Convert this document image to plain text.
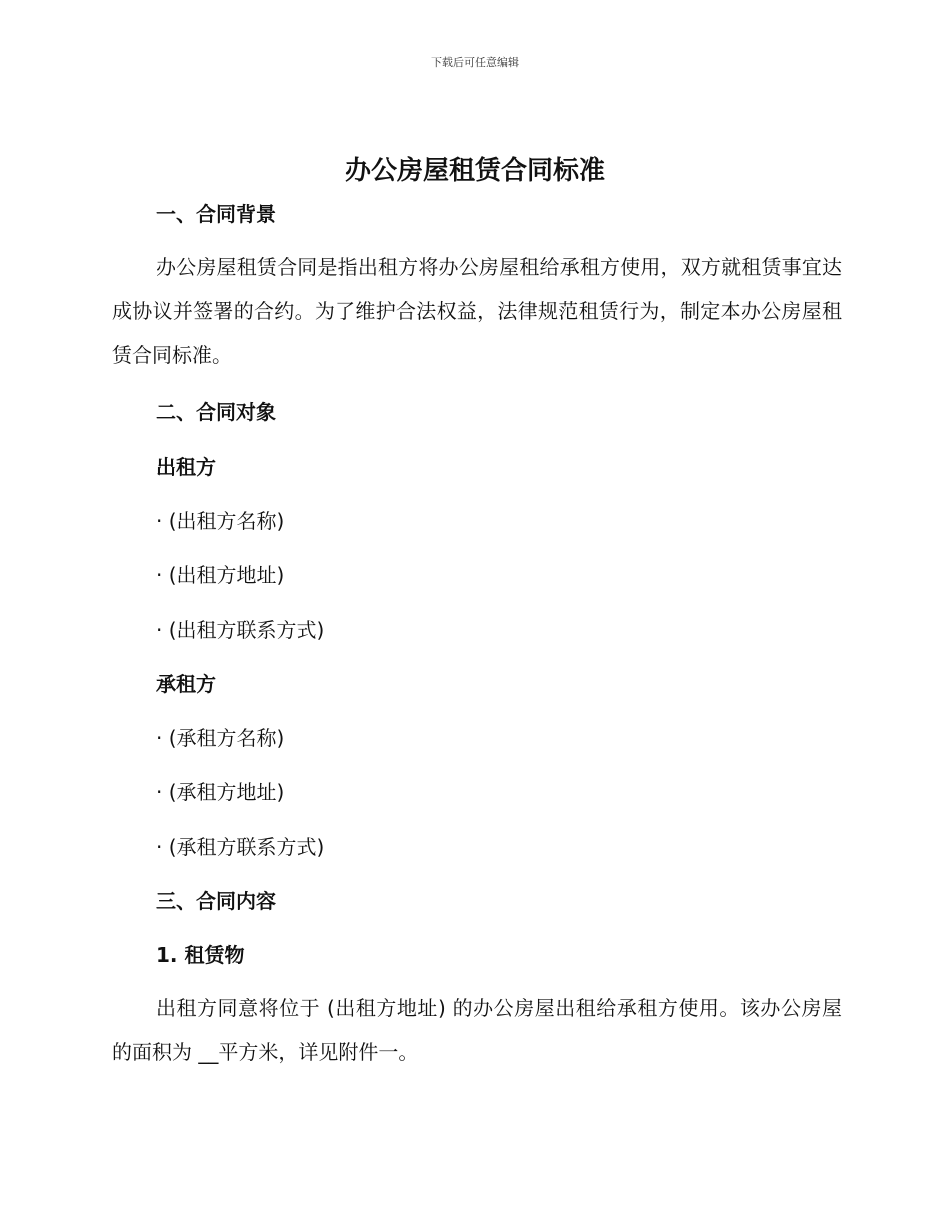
下载后可任意编辑
办公房屋租赁合同标准
一、合同背景

办公房屋租赁合同是指出租方将办公房屋租给承租方使用，双方就租赁事宜达成协议并签署的合约。为了维护合法权益，法律规范租赁行为，制定本办公房屋租赁合同标准。

二、合同对象
出租方
· (出租方名称)
· (出租方地址)
· (出租方联系方式)
承租方
· (承租方名称)
· (承租方地址)
· (承租方联系方式)
三、合同内容
1. 租赁物

出租方同意将位于 (出租方地址) 的办公房屋出租给承租方使用。该办公房屋的面积为 __平方米，详见附件一。
